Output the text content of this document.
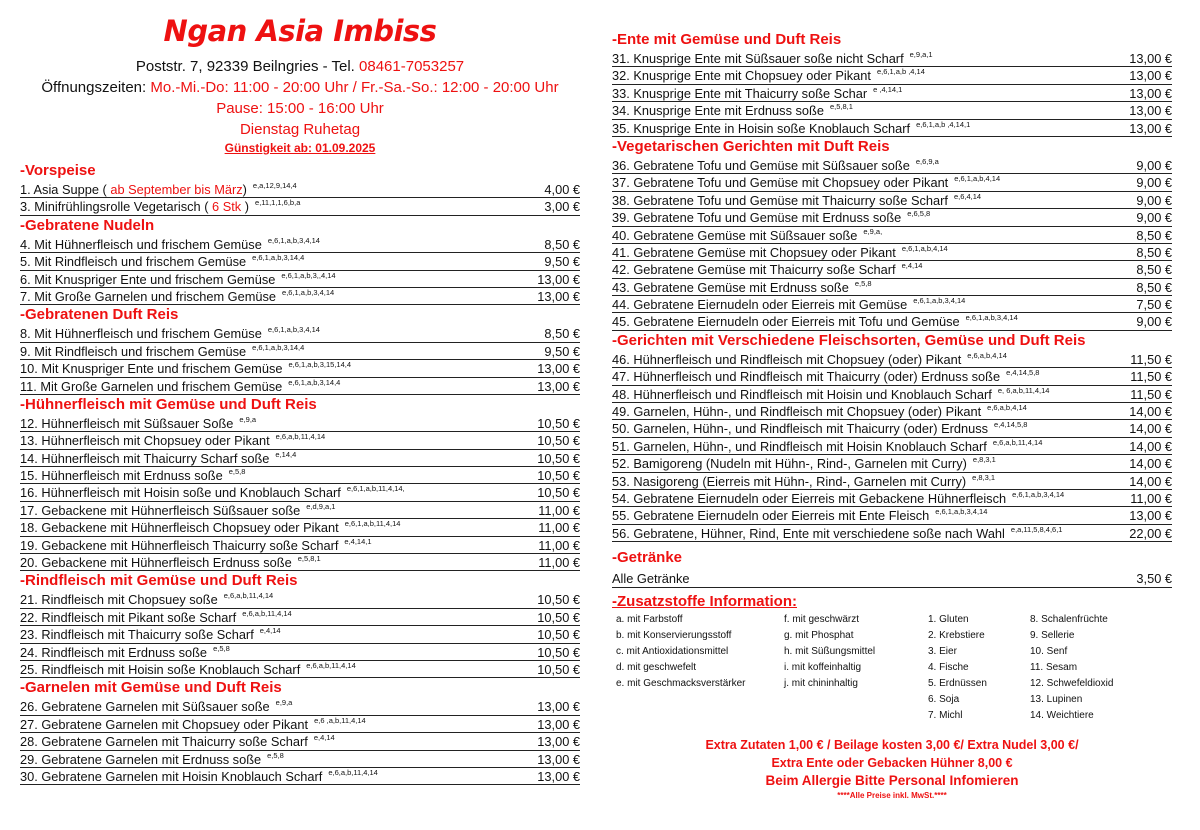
Ngan Asia Imbiss
Poststr. 7, 92339 Beilngries - Tel. 08461-7053257
Öffnungszeiten: Mo.-Mi.-Do: 11:00 - 20:00 Uhr / Fr.-Sa.-So.: 12:00 - 20:00 Uhr
Pause: 15:00 - 16:00 Uhr
Dienstag Ruhetag
Günstigkeit ab: 01.09.2025
-Vorspeise
1. Asia Suppe ( ab September bis März) $^{e,a,12,9,14,4}$	4,00 €
3. Minifrühlingsrolle Vegetarisch ( 6 Stk ) $^{e,11,1,1,6,b,a}$	3,00 €
-Gebratene Nudeln
4. Mit Hühnerfleisch und frischem Gemüse $^{e,6,1,a,b,3,4,14}$	8,50 €
5. Mit Rindfleisch und frischem Gemüse $^{e,6,1,a,b,3,14,4}$	9,50 €
6. Mit Knuspriger Ente und frischem Gemüse $^{e,6,1,a,b,3,,4,14}$	13,00 €
7. Mit Große Garnelen und frischem Gemüse $^{e,6,1,a,b,3,4,14}$	13,00 €
-Gebratenen Duft Reis
8. Mit Hühnerfleisch und frischem Gemüse $^{e,6,1,a,b,3,4,14}$	8,50 €
9. Mit Rindfleisch und frischem Gemüse $^{e,6,1,a,b,3,14,4}$	9,50 €
10. Mit Knuspriger Ente und frischem Gemüse $^{e,6,1,a,b,3,15,14,4}$	13,00 €
11. Mit Große Garnelen und frischem Gemüse $^{e,6,1,a,b,3,14,4}$	13,00 €
-Hühnerfleisch mit Gemüse und Duft Reis
12. Hühnerfleisch mit Süßsauer Soße $^{e,9,a}$	10,50 €
13. Hühnerfleisch mit Chopsuey oder Pikant $^{e,6,a,b,11,4,14}$	10,50 €
14. Hühnerfleisch mit Thaicurry Scharf soße $^{e,14,4}$	10,50 €
15. Hühnerfleisch mit Erdnuss soße $^{e,5,8}$	10,50 €
16. Hühnerfleisch mit Hoisin soße und Knoblauch Scharf $^{e,6,1,a,b,11,4,14,}$	10,50 €
17. Gebackene mit Hühnerfleisch Süßsauer soße $^{e,d,9,a,1}$	11,00 €
18. Gebackene mit Hühnerfleisch Chopsuey oder Pikant $^{e,6,1,a,b,11,4,14}$	11,00 €
19. Gebackene mit Hühnerfleisch Thaicurry soße Scharf $^{e,4,14,1}$	11,00 €
20. Gebackene mit Hühnerfleisch Erdnuss soße $^{e,5,8,1}$	11,00 €
-Rindfleisch mit Gemüse und Duft Reis
21. Rindfleisch mit Chopsuey soße $^{e,6,a,b,11,4,14}$	10,50 €
22. Rindfleisch mit Pikant soße Scharf $^{e,6,a,b,11,4,14}$	10,50 €
23. Rindfleisch mit Thaicurry soße Scharf $^{e,4,14}$	10,50 €
24. Rindfleisch mit Erdnuss soße $^{e,5,8}$	10,50 €
25. Rindfleisch mit Hoisin soße Knoblauch Scharf $^{e,6,a,b,11,4,14}$	10,50 €
-Garnelen mit Gemüse und Duft Reis
26. Gebratene Garnelen mit Süßsauer soße $^{e,9,a}$	13,00 €
27. Gebratene Garnelen mit Chopsuey oder Pikant $^{e,6 ,a,b,11,4,14}$	13,00 €
28. Gebratene Garnelen mit Thaicurry soße Scharf $^{e,4,14}$	13,00 €
29. Gebratene Garnelen mit Erdnuss soße $^{e,5,8}$	13,00 €
30. Gebratene Garnelen mit Hoisin Knoblauch Scharf $^{e,6,a,b,11,4,14}$	13,00 €
-Ente mit Gemüse und Duft Reis
31. Knusprige Ente mit Süßsauer soße nicht Scharf $^{e,9,a,1}$	13,00 €
32. Knusprige Ente mit Chopsuey oder Pikant $^{e,6,1,a,b ,4,14}$	13,00 €
33. Knusprige Ente mit Thaicurry soße Schar $^{e ,4,14,1}$	13,00 €
34. Knusprige Ente mit Erdnuss soße $^{e,5,8,1}$	13,00 €
35. Knusprige Ente in Hoisin soße Knoblauch Scharf $^{e,6,1,a,b ,4,14,1}$	13,00 €
-Vegetarischen Gerichten mit Duft Reis
36. Gebratene Tofu und Gemüse mit Süßsauer soße $^{e,6,9,a}$	9,00 €
37. Gebratene Tofu und Gemüse mit Chopsuey oder Pikant $^{e,6,1,a,b,4,14}$	9,00 €
38. Gebratene Tofu und Gemüse mit Thaicurry soße Scharf $^{e,6,4,14}$	9,00 €
39. Gebratene Tofu und Gemüse mit Erdnuss soße $^{e,6,5,8}$	9,00 €
40. Gebratene Gemüse mit Süßsauer soße $^{e,9,a,}$	8,50 €
41. Gebratene Gemüse mit Chopsuey oder Pikant $^{e,6,1,a,b,4,14}$	8,50 €
42. Gebratene Gemüse mit Thaicurry soße Scharf $^{e,4,14}$	8,50 €
43. Gebratene Gemüse mit Erdnuss soße $^{e,5,8}$	8,50 €
44. Gebratene Eiernudeln oder Eierreis mit Gemüse $^{e,6,1,a,b,3,4,14}$	7,50 €
45. Gebratene Eiernudeln oder Eierreis mit Tofu und Gemüse $^{e,6,1,a,b,3,4,14}$	9,00 €
-Gerichten mit Verschiedene Fleischsorten, Gemüse und Duft Reis
46. Hühnerfleisch und Rindfleisch mit Chopsuey (oder) Pikant $^{e,6,a,b,4,14}$	11,50 €
47. Hühnerfleisch und Rindfleisch mit Thaicurry (oder) Erdnuss soße $^{e,4,14,5,8}$	11,50 €
48. Hühnerfleisch und Rindfleisch mit Hoisin und Knoblauch Scharf $^{e, 6,a,b,11,4,14}$	11,50 €
49. Garnelen, Hühn-, und Rindfleisch mit Chopsuey (oder) Pikant $^{e,6,a,b,4,14}$	14,00 €
50. Garnelen, Hühn-, und Rindfleisch mit Thaicurry (oder) Erdnuss $^{e,4,14,5,8}$	14,00 €
51. Garnelen, Hühn-, und Rindfleisch mit Hoisin Knoblauch Scharf $^{e,6,a,b,11,4,14}$	14,00 €
52. Bamigoreng (Nudeln mit Hühn-, Rind-, Garnelen mit Curry) $^{e,8,3,1}$	14,00 €
53. Nasigoreng (Eierreis mit Hühn-, Rind-, Garnelen mit Curry) $^{e,8,3,1}$	14,00 €
54. Gebratene Eiernudeln oder Eierreis mit Gebackene Hühnerfleisch $^{e,6,1,a,b,3,4,14}$	11,00 €
55. Gebratene Eiernudeln oder Eierreis mit Ente Fleisch $^{e,6,1,a,b,3,4,14}$	13,00 €
56. Gebratene, Hühner, Rind, Ente mit verschiedene soße nach Wahl $^{e,a,11,5,8,4,6,1}$	22,00 €
-Getränke
Alle Getränke	3,50 €
-Zusatzstoffe Information:
a. mit Farbstoff
b. mit Konservierungsstoff
c. mit Antioxidationsmittel
d. mit geschwefelt
e. mit Geschmacksverstärker
f. mit geschwärzt
g. mit Phosphat
h. mit Süßungsmittel
i. mit koffeinhaltig
j. mit chininhaltig
1. Gluten
2. Krebstiere
3. Eier
4. Fische
5. Erdnüssen
6. Soja
7. Michl
8. Schalenfrüchte
9. Sellerie
10. Senf
11. Sesam
12. Schwefeldioxid
13. Lupinen
14. Weichtiere
Extra Zutaten 1,00 € / Beilage kosten 3,00 €/ Extra Nudel 3,00 €/
Extra Ente oder Gebacken Hühner 8,00 €
Beim Allergie Bitte Personal Infomieren
****Alle Preise inkl. MwSt.****
